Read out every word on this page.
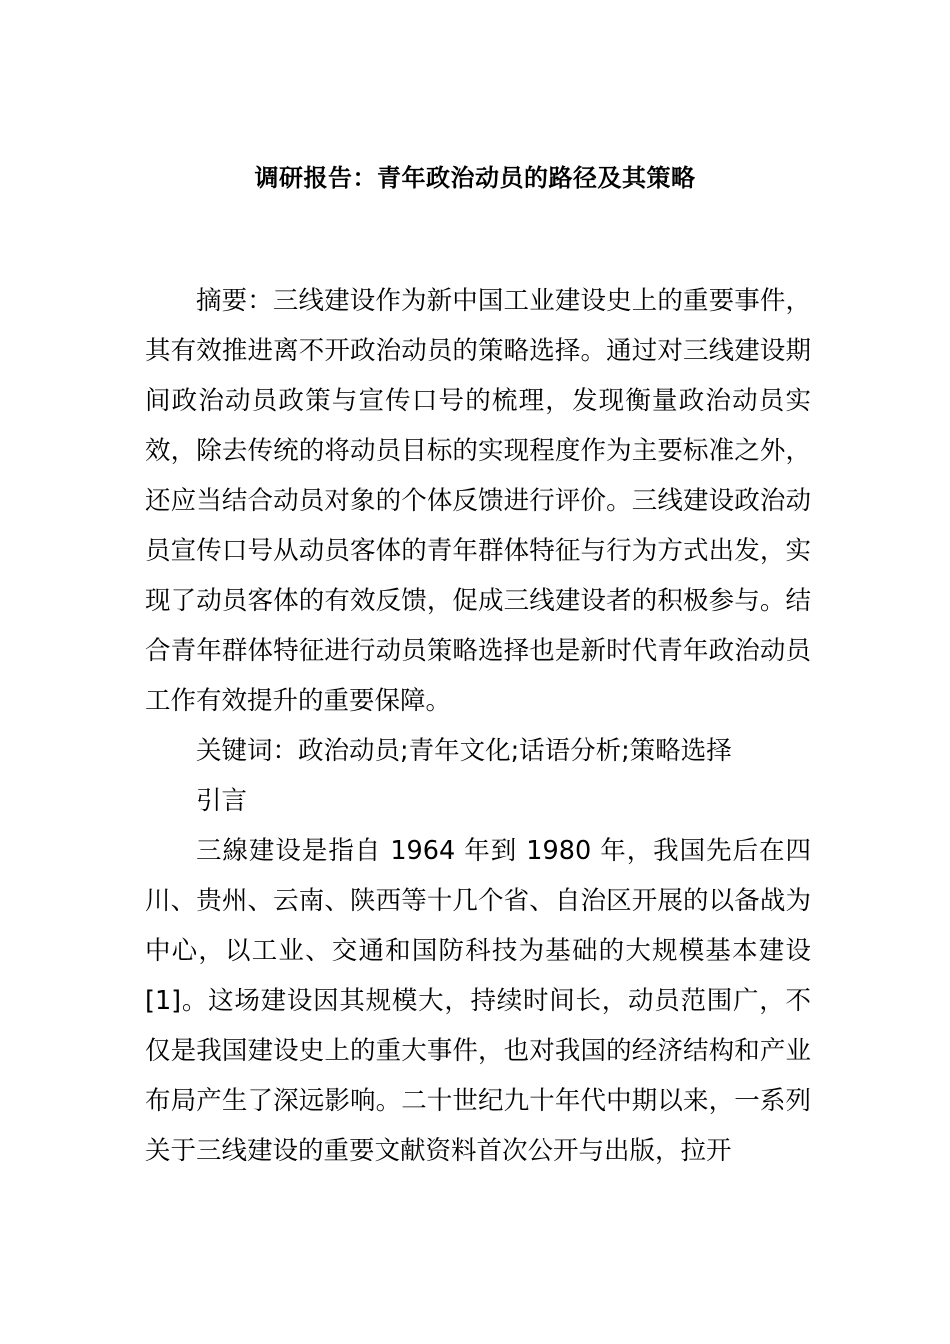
调研报告：青年政治动员的路径及其策略

摘要：三线建设作为新中国工业建设史上的重要事件，其有效推进离不开政治动员的策略选择。通过对三线建设期间政治动员政策与宣传口号的梳理，发现衡量政治动员实效，除去传统的将动员目标的实现程度作为主要标准之外，还应当结合动员对象的个体反馈进行评价。三线建设政治动员宣传口号从动员客体的青年群体特征与行为方式出发，实现了动员客体的有效反馈，促成三线建设者的积极参与。结合青年群体特征进行动员策略选择也是新时代青年政治动员工作有效提升的重要保障。

关键词：政治动员;青年文化;话语分析;策略选择

引言

三線建设是指自 1964 年到 1980 年，我国先后在四川、贵州、云南、陕西等十几个省、自治区开展的以备战为中心，以工业、交通和国防科技为基础的大规模基本建设[1]。这场建设因其规模大，持续时间长，动员范围广，不仅是我国建设史上的重大事件，也对我国的经济结构和产业布局产生了深远影响。二十世纪九十年代中期以来，一系列关于三线建设的重要文献资料首次公开与出版，拉开
